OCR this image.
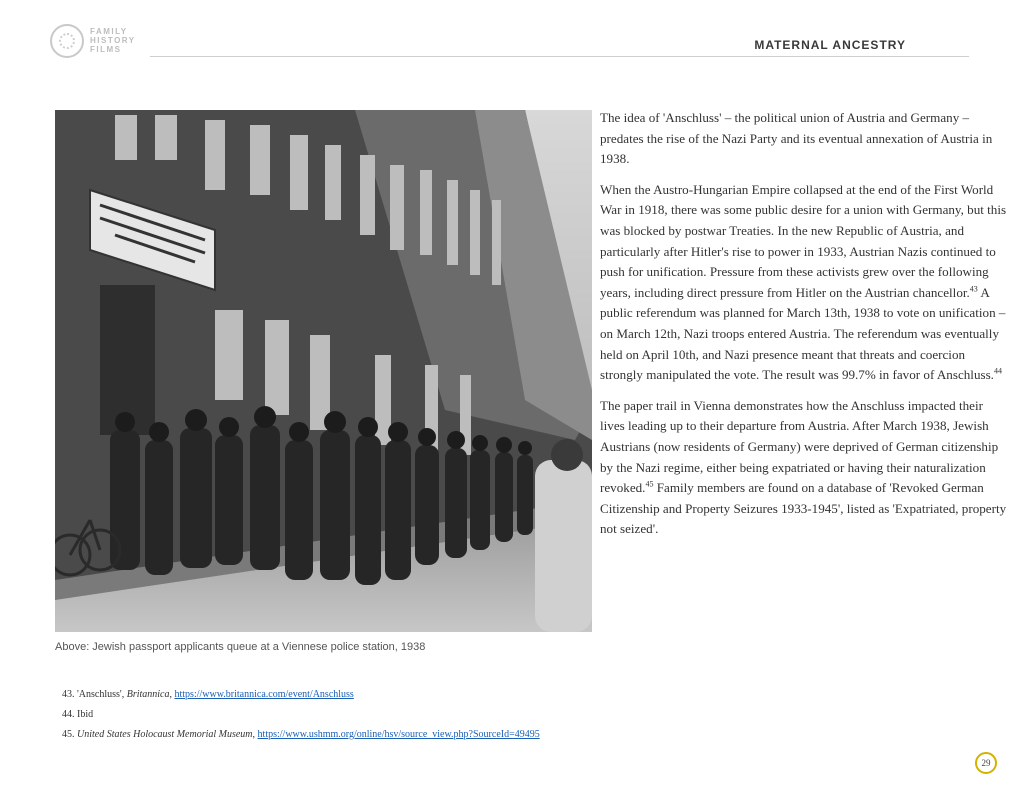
FAMILY
HISTORY
FILMS	MATERNAL ANCESTRY
Above: Jewish passport applicants queue at a Viennese police station, 1938

The idea of 'Anschluss' – the political union of Austria and Germany – predates the rise of the Nazi Party and its eventual annexation of Austria in 1938.

When the Austro-Hungarian Empire collapsed at the end of the First World War in 1918, there was some public desire for a union with Germany, but this was blocked by postwar Treaties. In the new Republic of Austria, and particularly after Hitler's rise to power in 1933, Austrian Nazis continued to push for unification. Pressure from these activists grew over the following years, including direct pressure from Hitler on the Austrian chancellor.$^{43}$ A public referendum was planned for March 13th, 1938 to vote on unification – on March 12th, Nazi troops entered Austria. The referendum was eventually held on April 10th, and Nazi presence meant that threats and coercion strongly manipulated the vote. The result was 99.7% in favor of Anschluss.$^{44}$

The paper trail in Vienna demonstrates how the Anschluss impacted their lives leading up to their departure from Austria. After March 1938, Jewish Austrians (now residents of Germany) were deprived of German citizenship by the Nazi regime, either being expatriated or having their naturalization revoked.$^{45}$ Family members are found on a database of 'Revoked German Citizenship and Property Seizures 1933-1945', listed as 'Expatriated, property not seized'.

43. 'Anschluss', Britannica, https://www.britannica.com/event/Anschluss
44. Ibid
45. United States Holocaust Memorial Museum, https://www.ushmm.org/online/hsv/source_view.php?SourceId=49495
29
